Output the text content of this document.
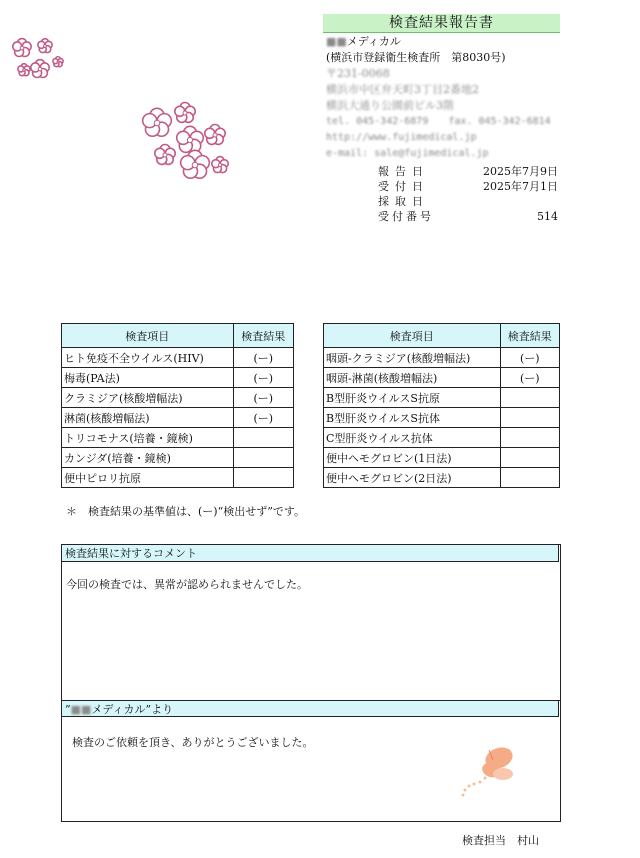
検査結果報告書
■■メディカル
(横浜市登録衛生検査所　第8030号)
〒231-0068
横浜市中区弁天町3丁目2番地2
横浜大通り公園前ビル3階
tel. 045-342-6879　　fax. 045-342-6814
http://www.fujimedical.jp
e-mail: sale@fujimedical.jp
報告日	2025年7月9日
受付日	2025年7月1日
採取日
受付番号	514
検査項目	検査結果
ヒト免疫不全ウイルス(HIV)	(ー)
梅毒(PA法)	(ー)
クラミジア(核酸増幅法)	(ー)
淋菌(核酸増幅法)	(ー)
トリコモナス(培養・鏡検)	
カンジダ(培養・鏡検)	
便中ピロリ抗原	
検査項目	検査結果
咽頭-クラミジア(核酸増幅法)	(ー)
咽頭-淋菌(核酸増幅法)	(ー)
B型肝炎ウイルスS抗原	
B型肝炎ウイルスS抗体	
C型肝炎ウイルス抗体	
便中ヘモグロビン(1日法)	
便中ヘモグロビン(2日法)	
＊　検査結果の基準値は、(ー)“検出せず”です。
検査結果に対するコメント
今回の検査では、異常が認められませんでした。
”■■メディカル”より
検査のご依頼を頂き、ありがとうございました。
検査担当　村山
